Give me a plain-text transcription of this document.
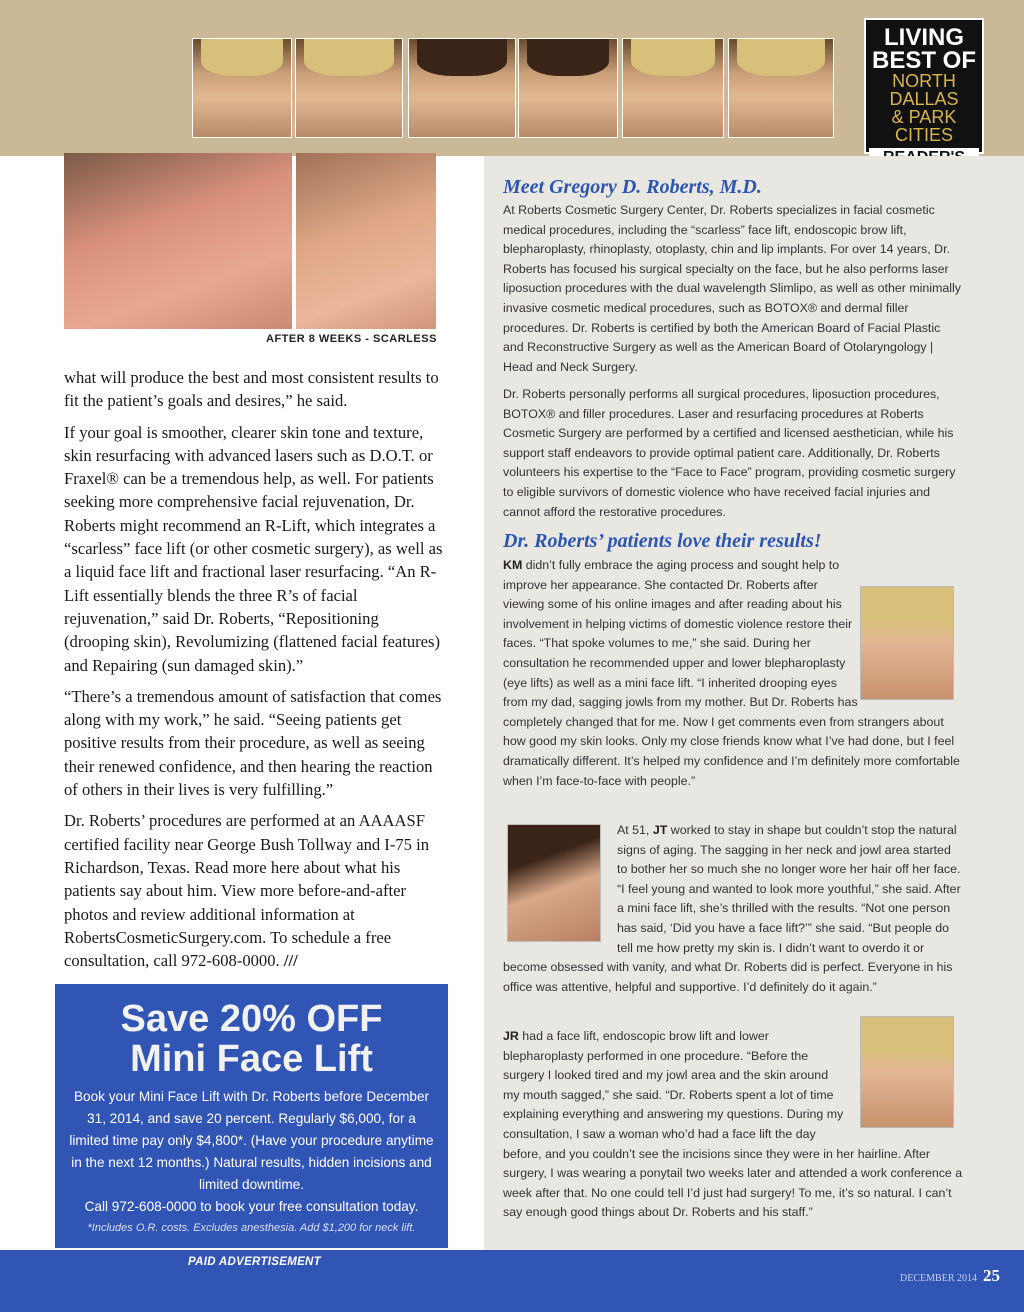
LIVING
BEST OF
NORTH DALLAS
& PARK CITIES
AFTER 8 WEEKS - SCARLESS

what will produce the best and most consistent results to fit the patient’s goals and desires,” he said.

If your goal is smoother, clearer skin tone and texture, skin resurfacing with advanced lasers such as D.O.T. or Fraxel® can be a tremendous help, as well. For patients seeking more comprehensive facial rejuvenation, Dr. Roberts might recommend an R-Lift, which integrates a “scarless” face lift (or other cosmetic surgery), as well as a liquid face lift and fractional laser resurfacing. “An R-Lift essentially blends the three R’s of facial rejuvenation,” said Dr. Roberts, “Repositioning (drooping skin), Revolumizing (flattened facial features) and Repairing (sun damaged skin).”

“There’s a tremendous amount of satisfaction that comes along with my work,” he said. “Seeing patients get positive results from their procedure, as well as seeing their renewed confidence, and then hearing the reaction of others in their lives is very fulfilling.”

Dr. Roberts’ procedures are performed at an AAAASF certified facility near George Bush Tollway and I-75 in Richardson, Texas. Read more here about what his patients say about him. View more before-and-after photos and review additional information at RobertsCosmeticSurgery.com. To schedule a free consultation, call 972-608-0000. ///

Save 20% OFF
Mini Face Lift
Book your Mini Face Lift with Dr. Roberts before December 31, 2014, and save 20 percent. Regularly $6,000, for a limited time pay only $4,800*. (Have your procedure anytime in the next 12 months.) Natural results, hidden incisions and limited downtime.
Call 972-608-0000 to book your free consultation today.
*Includes O.R. costs. Excludes anesthesia. Add $1,200 for neck lift.
PAID ADVERTISEMENT
DECEMBER 2014 25
Meet Gregory D. Roberts, M.D.
At Roberts Cosmetic Surgery Center, Dr. Roberts specializes in facial cosmetic medical procedures, including the “scarless” face lift, endoscopic brow lift, blepharoplasty, rhinoplasty, otoplasty, chin and lip implants. For over 14 years, Dr. Roberts has focused his surgical specialty on the face, but he also performs laser liposuction procedures with the dual wavelength Slimlipo, as well as other minimally invasive cosmetic medical procedures, such as BOTOX® and dermal filler procedures. Dr. Roberts is certified by both the American Board of Facial Plastic and Reconstructive Surgery as well as the American Board of Otolaryngology | Head and Neck Surgery.
Dr. Roberts personally performs all surgical procedures, liposuction procedures, BOTOX® and filler procedures. Laser and resurfacing procedures at Roberts Cosmetic Surgery are performed by a certified and licensed aesthetician, while his support staff endeavors to provide optimal patient care. Additionally, Dr. Roberts volunteers his expertise to the “Face to Face” program, providing cosmetic surgery to eligible survivors of domestic violence who have received facial injuries and cannot afford the restorative procedures.
Dr. Roberts’ patients love their results!
KM didn’t fully embrace the aging process and sought help to improve her appearance. She contacted Dr. Roberts after viewing some of his online images and after reading about his involvement in helping victims of domestic violence restore their faces. “That spoke volumes to me,” she said. During her consultation he recommended upper and lower blepharoplasty (eye lifts) as well as a mini face lift. “I inherited drooping eyes from my dad, sagging jowls from my mother. But Dr. Roberts has completely changed that for me. Now I get comments even from strangers about how good my skin looks. Only my close friends know what I’ve had done, but I feel dramatically different. It’s helped my confidence and I’m definitely more comfortable when I’m face-to-face with people.”
At 51, JT worked to stay in shape but couldn’t stop the natural signs of aging. The sagging in her neck and jowl area started to bother her so much she no longer wore her hair off her face. “I feel young and wanted to look more youthful,” she said. After a mini face lift, she’s thrilled with the results. “Not one person has said, ‘Did you have a face lift?’” she said. “But people do tell me how pretty my skin is. I didn’t want to overdo it or become obsessed with vanity, and what Dr. Roberts did is perfect. Everyone in his office was attentive, helpful and supportive. I’d definitely do it again.”
JR had a face lift, endoscopic brow lift and lower blepharoplasty performed in one procedure. “Before the surgery I looked tired and my jowl area and the skin around my mouth sagged,” she said. “Dr. Roberts spent a lot of time explaining everything and answering my questions. During my consultation, I saw a woman who’d had a face lift the day before, and you couldn’t see the incisions since they were in her hairline. After surgery, I was wearing a ponytail two weeks later and attended a work conference a week after that. No one could tell I’d just had surgery! To me, it’s so natural. I can’t say enough good things about Dr. Roberts and his staff.”
